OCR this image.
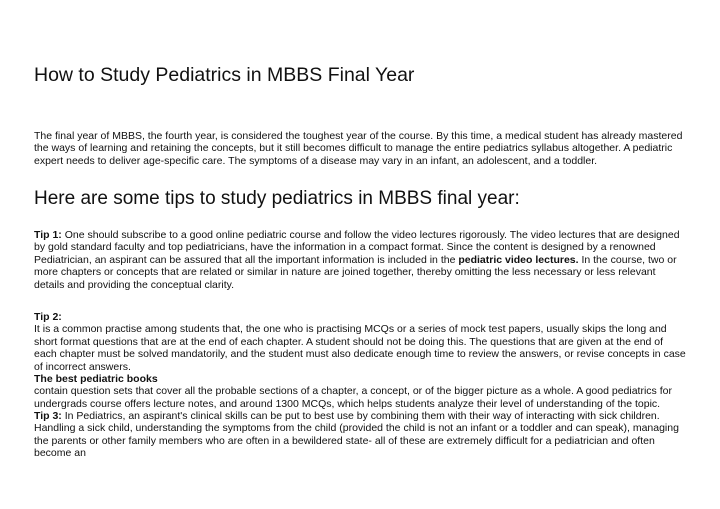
How to Study Pediatrics in MBBS Final Year

The final year of MBBS, the fourth year, is considered the toughest year of the course. By this time, a medical student has already mastered the ways of learning and retaining the concepts, but it still becomes difficult to manage the entire pediatrics syllabus altogether. A pediatric expert needs to deliver age-specific care. The symptoms of a disease may vary in an infant, an adolescent, and a toddler.

Here are some tips to study pediatrics in MBBS final year:

Tip 1: One should subscribe to a good online pediatric course and follow the video lectures rigorously. The video lectures that are designed by gold standard faculty and top pediatricians, have the information in a compact format. Since the content is designed by a renowned Pediatrician, an aspirant can be assured that all the important information is included in the pediatric video lectures. In the course, two or more chapters or concepts that are related or similar in nature are joined together, thereby omitting the less necessary or less relevant details and providing the conceptual clarity.

Tip 2:
It is a common practise among students that, the one who is practising MCQs or a series of mock test papers, usually skips the long and short format questions that are at the end of each chapter. A student should not be doing this. The questions that are given at the end of each chapter must be solved mandatorily, and the student must also dedicate enough time to review the answers, or revise concepts in case of incorrect answers.
The best pediatric books
contain question sets that cover all the probable sections of a chapter, a concept, or of the bigger picture as a whole. A good pediatrics for undergrads course offers lecture notes, and around 1300 MCQs, which helps students analyze their level of understanding of the topic.

Tip 3: In Pediatrics, an aspirant's clinical skills can be put to best use by combining them with their way of interacting with sick children. Handling a sick child, understanding the symptoms from the child (provided the child is not an infant or a toddler and can speak), managing the parents or other family members who are often in a bewildered state- all of these are extremely difficult for a pediatrician and often become an
